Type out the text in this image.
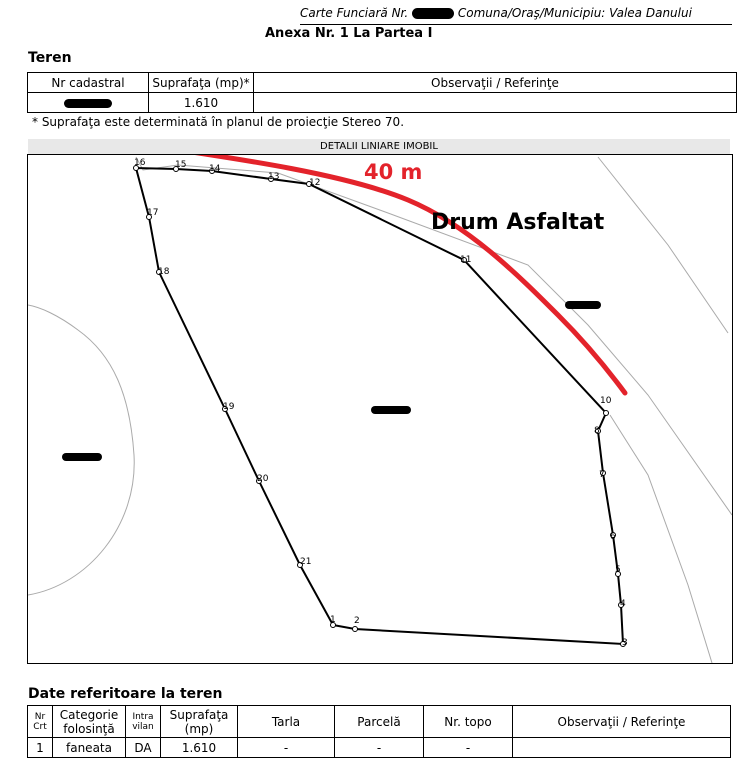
Carte Funciară Nr.	Comuna/Oraş/Municipiu: Valea Danului
Anexa Nr. 1 La Partea I
Teren
Nr cadastral	Suprafaţa (mp)*	Observaţii / Referinţe
	1.610	
* Suprafaţa este determinată în planul de proiecţie Stereo 70.
DETALII LINIARE IMOBIL
1 2
3
4
5
6
7
8
10
11
12
13
14
15
16
17
18
19
20
21
40 m
Drum Asfaltat
Date referitoare la teren
Nr Crt	Categorie folosinţă	Intra vilan	Suprafaţa (mp)	Tarla	Parcelă	Nr. topo	Observaţii / Referinţe
1	faneata	DA	1.610	-	-	-	
